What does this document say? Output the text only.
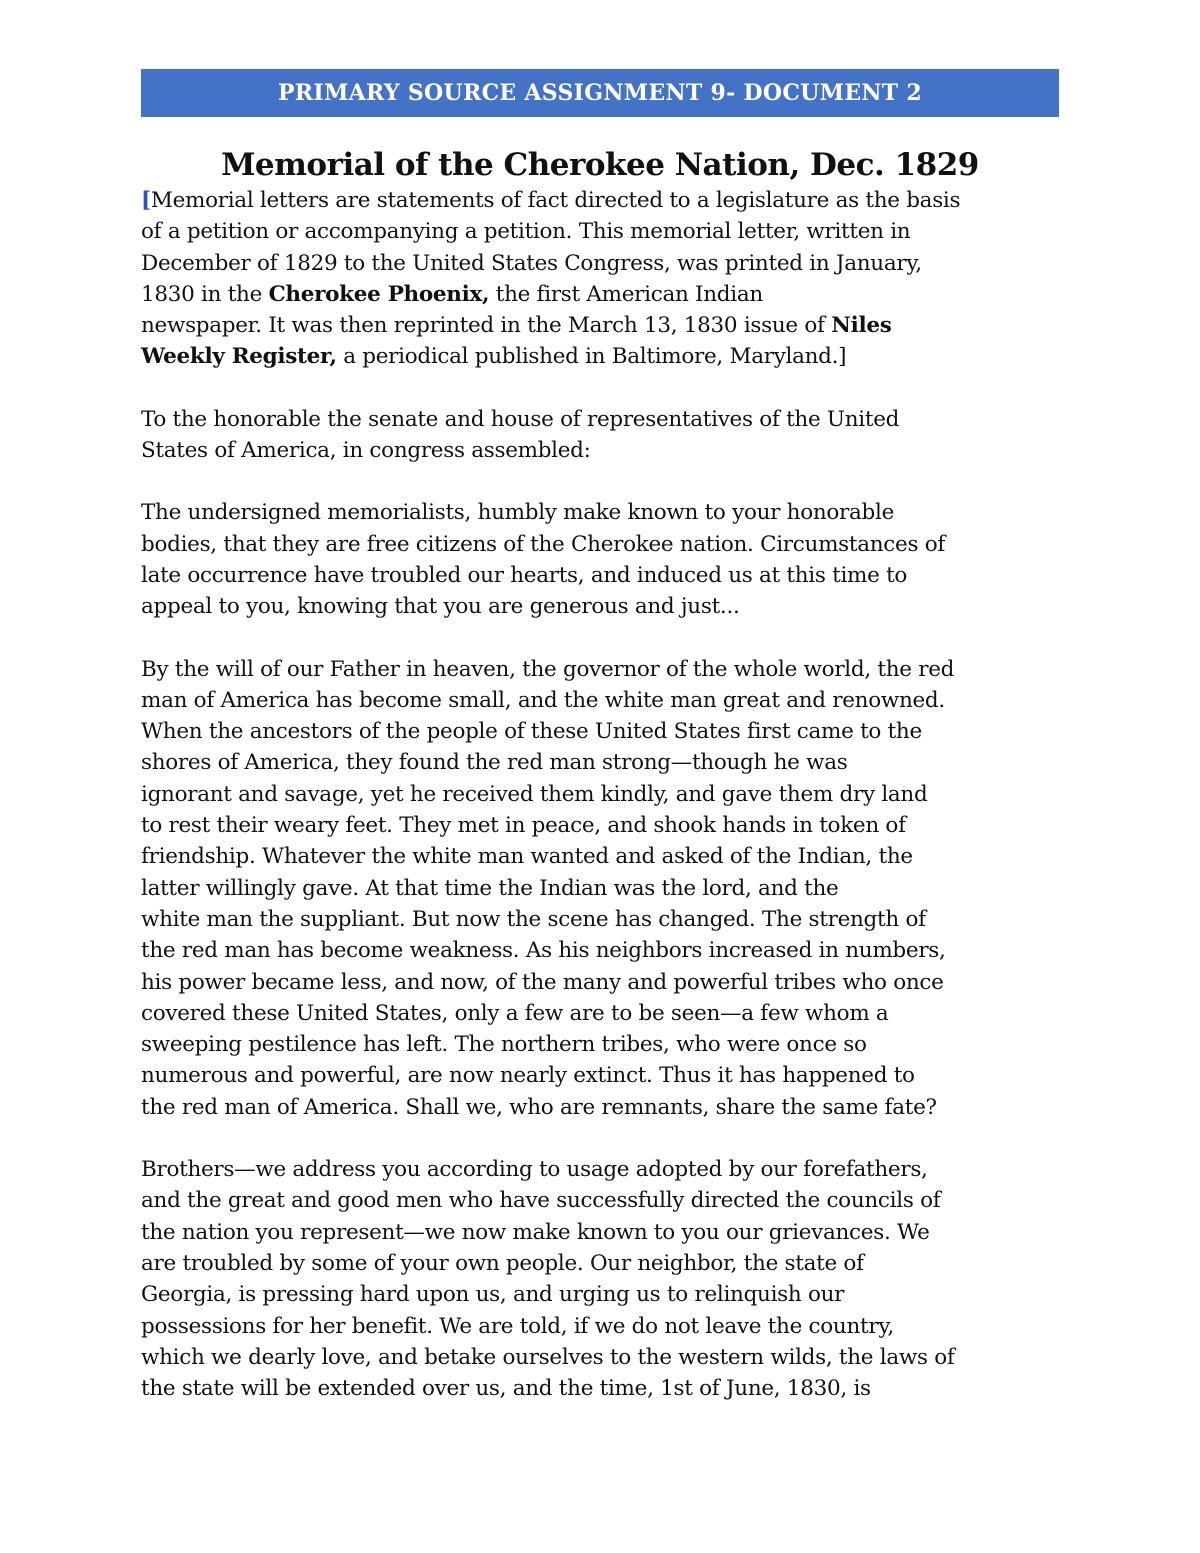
PRIMARY SOURCE ASSIGNMENT 9- DOCUMENT 2
Memorial of the Cherokee Nation, Dec. 1829
[Memorial letters are statements of fact directed to a legislature as the basis
of a petition or accompanying a petition. This memorial letter, written in
December of 1829 to the United States Congress, was printed in January,
1830 in the Cherokee Phoenix, the first American Indian
newspaper. It was then reprinted in the March 13, 1830 issue of Niles
Weekly Register, a periodical published in Baltimore, Maryland.]
To the honorable the senate and house of representatives of the United
States of America, in congress assembled:
The undersigned memorialists, humbly make known to your honorable
bodies, that they are free citizens of the Cherokee nation. Circumstances of
late occurrence have troubled our hearts, and induced us at this time to
appeal to you, knowing that you are generous and just...
By the will of our Father in heaven, the governor of the whole world, the red
man of America has become small, and the white man great and renowned.
When the ancestors of the people of these United States first came to the
shores of America, they found the red man strong—though he was
ignorant and savage, yet he received them kindly, and gave them dry land
to rest their weary feet. They met in peace, and shook hands in token of
friendship. Whatever the white man wanted and asked of the Indian, the
latter willingly gave. At that time the Indian was the lord, and the
white man the suppliant. But now the scene has changed. The strength of
the red man has become weakness. As his neighbors increased in numbers,
his power became less, and now, of the many and powerful tribes who once
covered these United States, only a few are to be seen—a few whom a
sweeping pestilence has left. The northern tribes, who were once so
numerous and powerful, are now nearly extinct. Thus it has happened to
the red man of America. Shall we, who are remnants, share the same fate?
Brothers—we address you according to usage adopted by our forefathers,
and the great and good men who have successfully directed the councils of
the nation you represent—we now make known to you our grievances. We
are troubled by some of your own people. Our neighbor, the state of
Georgia, is pressing hard upon us, and urging us to relinquish our
possessions for her benefit. We are told, if we do not leave the country,
which we dearly love, and betake ourselves to the western wilds, the laws of
the state will be extended over us, and the time, 1st of June, 1830, is
